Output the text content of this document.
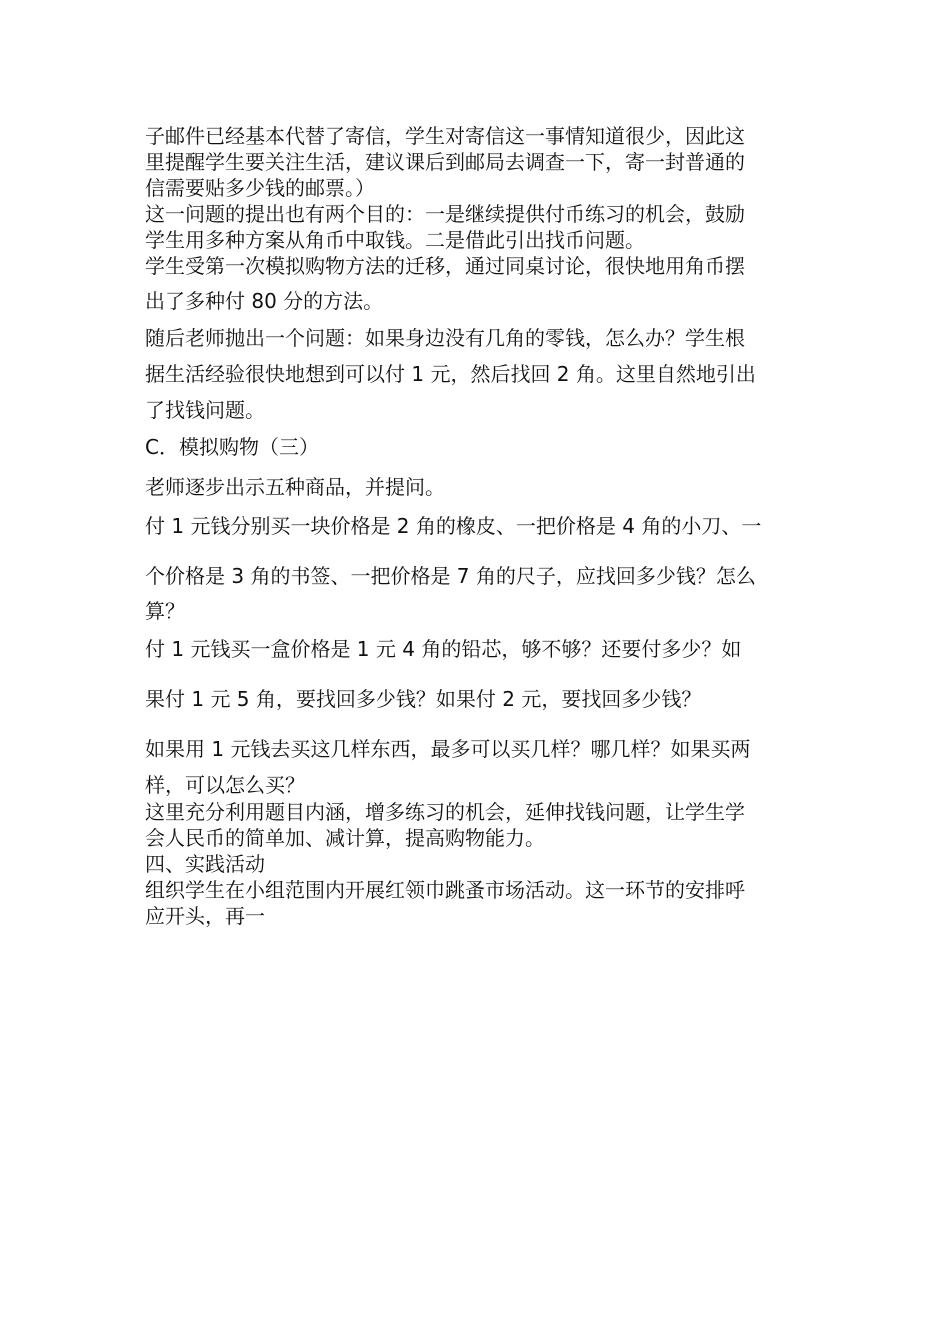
子邮件已经基本代替了寄信，学生对寄信这一事情知道很少，因此这
里提醒学生要关注生活，建议课后到邮局去调查一下，寄一封普通的
信需要贴多少钱的邮票。）
这一问题的提出也有两个目的：一是继续提供付币练习的机会，鼓励
学生用多种方案从角币中取钱。二是借此引出找币问题。
学生受第一次模拟购物方法的迁移，通过同桌讨论，很快地用角币摆
出了多种付 80 分的方法。
随后老师抛出一个问题：如果身边没有几角的零钱，怎么办？学生根
据生活经验很快地想到可以付 1 元，然后找回 2 角。这里自然地引出
了找钱问题。
C．模拟购物（三）
老师逐步出示五种商品，并提问。
付 1 元钱分别买一块价格是 2 角的橡皮、一把价格是 4 角的小刀、一
个价格是 3 角的书签、一把价格是 7 角的尺子，应找回多少钱？怎么
算？
付 1 元钱买一盒价格是 1 元 4 角的铅芯，够不够？还要付多少？如
果付 1 元 5 角，要找回多少钱？如果付 2 元，要找回多少钱？
如果用 1 元钱去买这几样东西，最多可以买几样？哪几样？如果买两
样，可以怎么买？
这里充分利用题目内涵，增多练习的机会，延伸找钱问题，让学生学
会人民币的简单加、减计算，提高购物能力。
四、实践活动
组织学生在小组范围内开展红领巾跳蚤市场活动。这一环节的安排呼
应开头，再一
